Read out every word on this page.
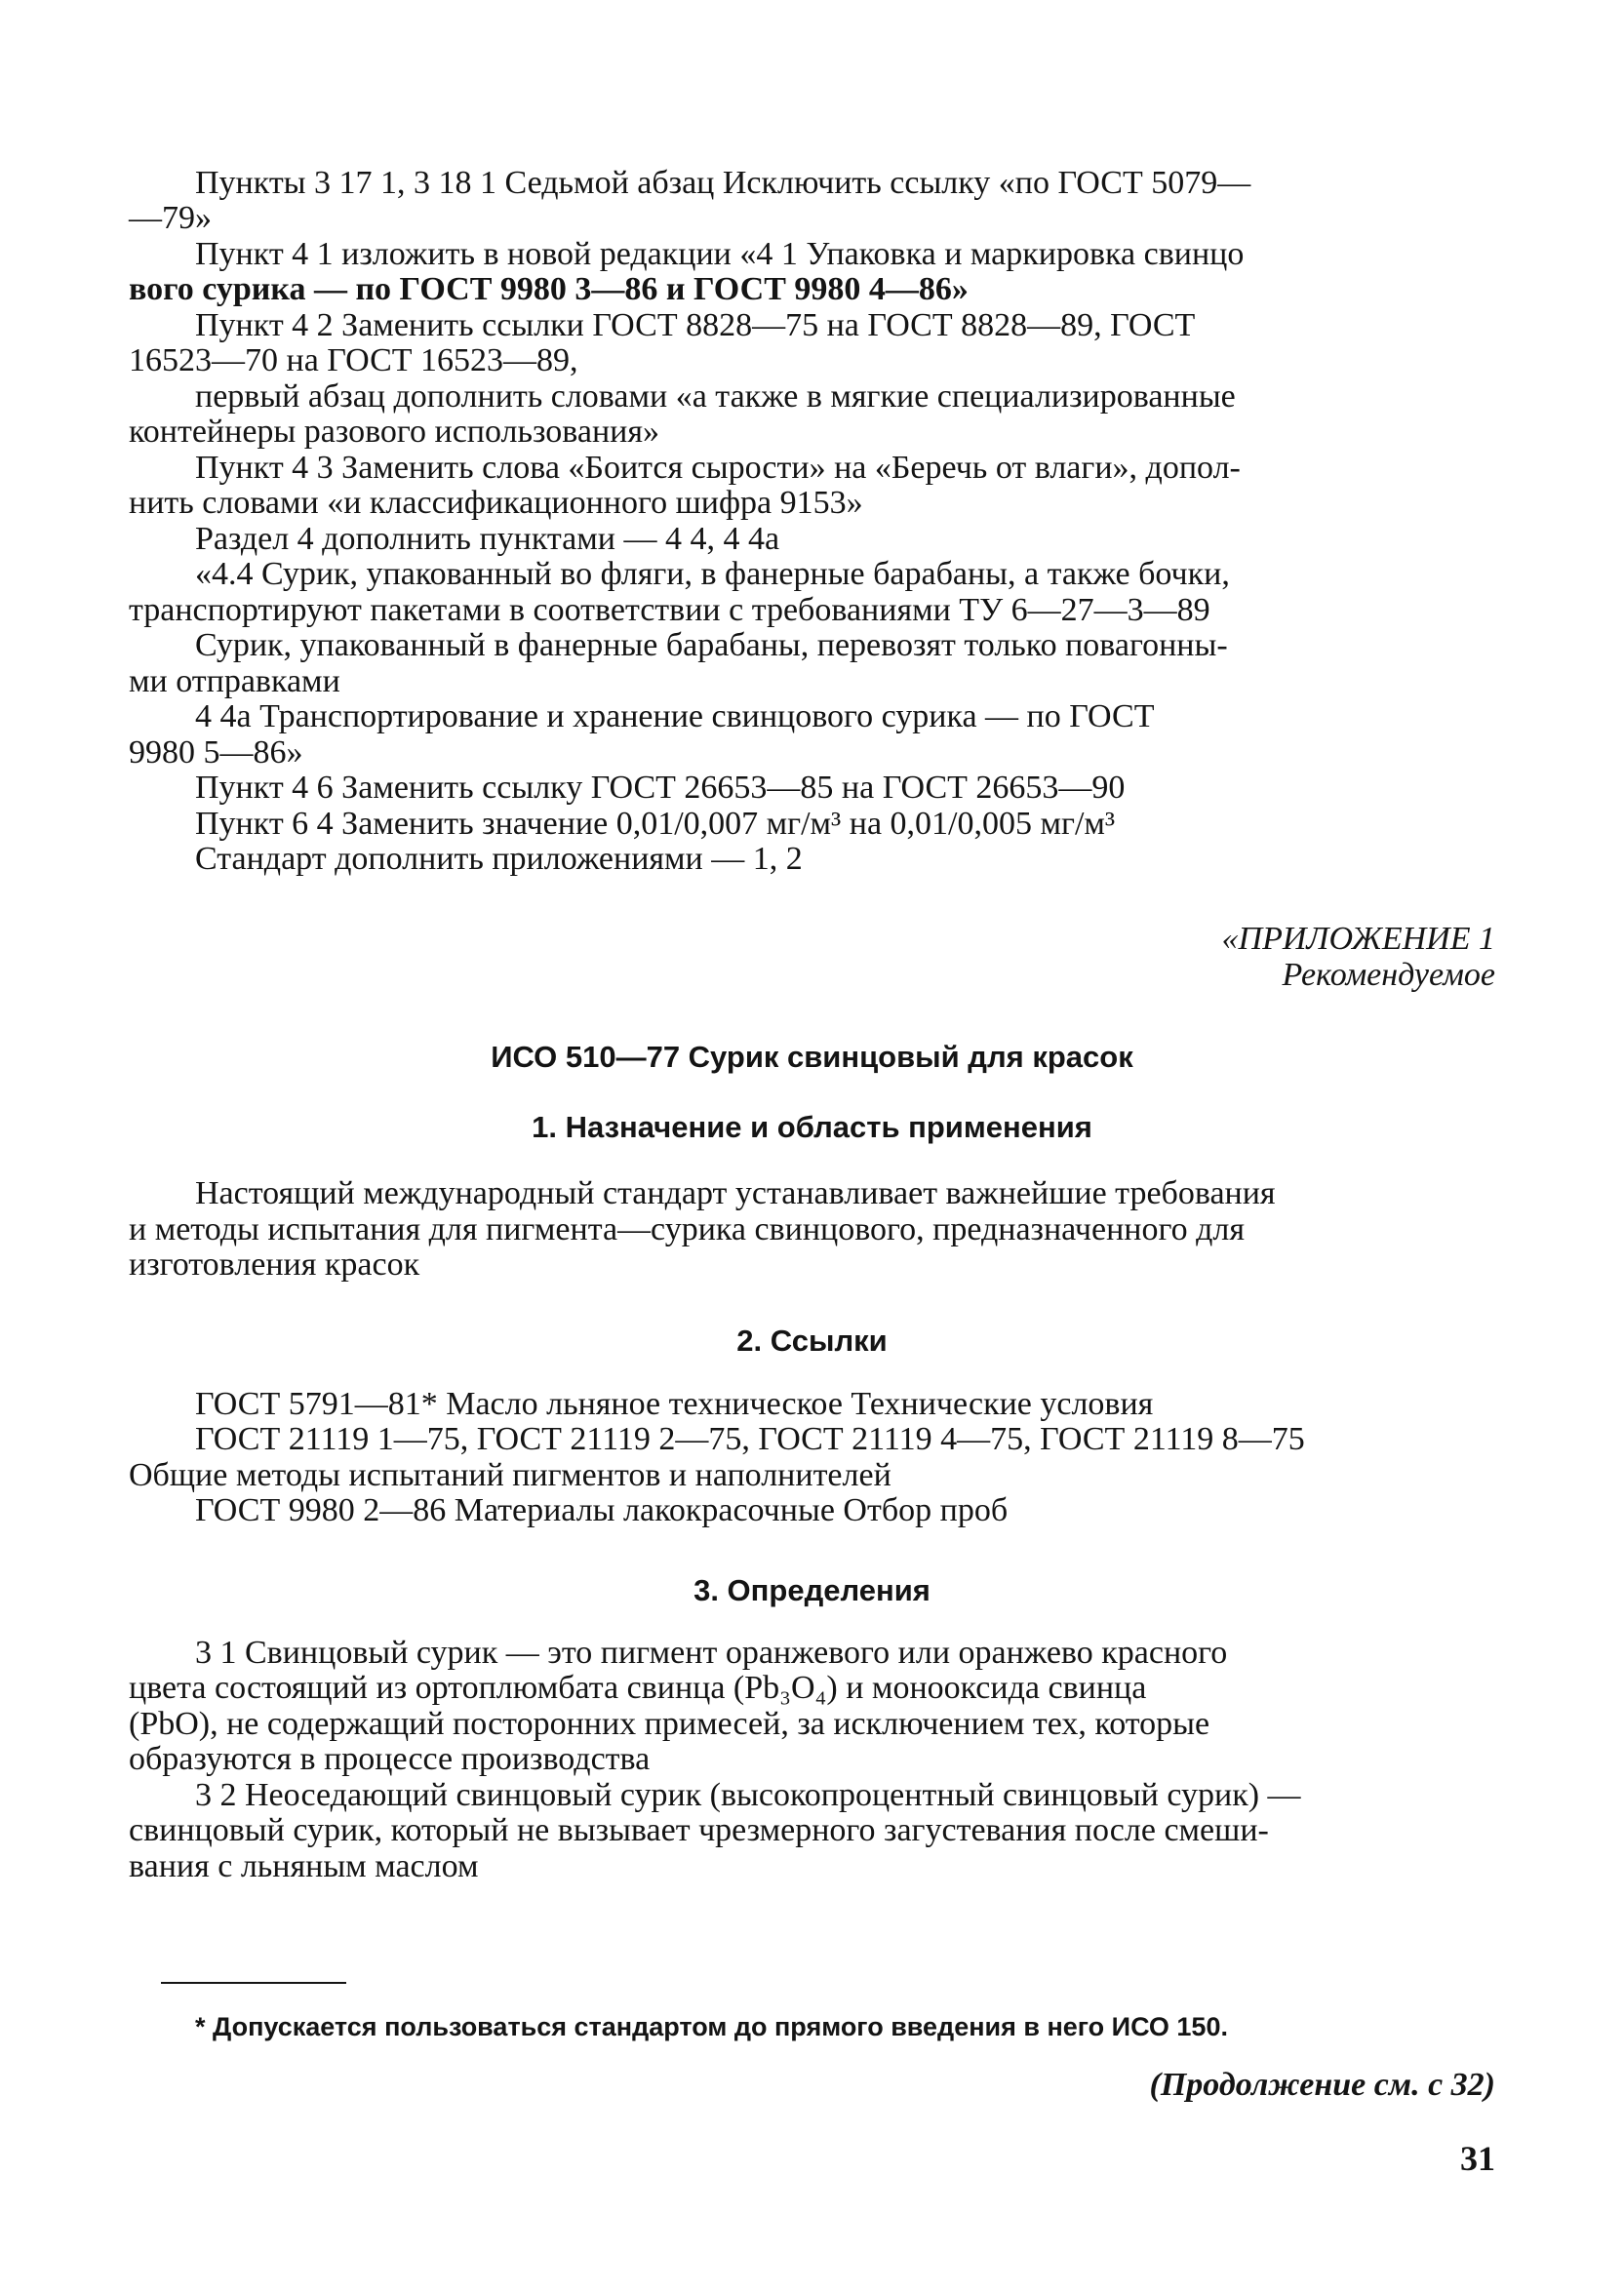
Пункты 3 17 1, 3 18 1 Седьмой абзац Исключить ссылку «по ГОСТ 5079—
—79»
Пункт 4 1 изложить в новой редакции «4 1 Упаковка и маркировка свинцо
вого сурика — по ГОСТ 9980 3—86 и ГОСТ 9980 4—86»
Пункт 4 2 Заменить ссылки ГОСТ 8828—75 на ГОСТ 8828—89, ГОСТ
16523—70 на ГОСТ 16523—89,
первый абзац дополнить словами «а также в мягкие специализированные
контейнеры разового использования»
Пункт 4 3 Заменить слова «Боится сырости» на «Беречь от влаги», допол-
нить словами «и классификационного шифра 9153»
Раздел 4 дополнить пунктами — 4 4, 4 4а
«4.4 Сурик, упакованный во фляги, в фанерные барабаны, а также бочки,
транспортируют пакетами в соответствии с требованиями ТУ 6—27—3—89
Сурик, упакованный в фанерные барабаны, перевозят только повагонны-
ми отправками
4 4а Транспортирование и хранение свинцового сурика — по ГОСТ
9980 5—86»
Пункт 4 6 Заменить ссылку ГОСТ 26653—85 на ГОСТ 26653—90
Пункт 6 4 Заменить значение 0,01/0,007 мг/м³ на 0,01/0,005 мг/м³
Стандарт дополнить приложениями — 1, 2
«ПРИЛОЖЕНИЕ 1
Рекомендуемое
ИСО 510—77 Сурик свинцовый для красок
1. Назначение и область применения
Настоящий международный стандарт устанавливает важнейшие требования
и методы испытания для пигмента—сурика свинцового, предназначенного для
изготовления красок
2. Ссылки
ГОСТ 5791—81* Масло льняное техническое Технические условия
ГОСТ 21119 1—75, ГОСТ 21119 2—75, ГОСТ 21119 4—75, ГОСТ 21119 8—75
Общие методы испытаний пигментов и наполнителей
ГОСТ 9980 2—86 Материалы лакокрасочные Отбор проб
3. Определения
3 1 Свинцовый сурик — это пигмент оранжевого или оранжево красного
цвета состоящий из ортоплюмбата свинца (Pb₃O₄) и монооксида свинца
(PbO), не содержащий посторонних примесей, за исключением тех, которые
образуются в процессе производства
3 2 Неоседающий свинцовый сурик (высокопроцентный свинцовый сурик) —
свинцовый сурик, который не вызывает чрезмерного загустевания после смеши-
вания с льняным маслом
* Допускается пользоваться стандартом до прямого введения в него ИСО 150.
(Продолжение см. с 32)
31
